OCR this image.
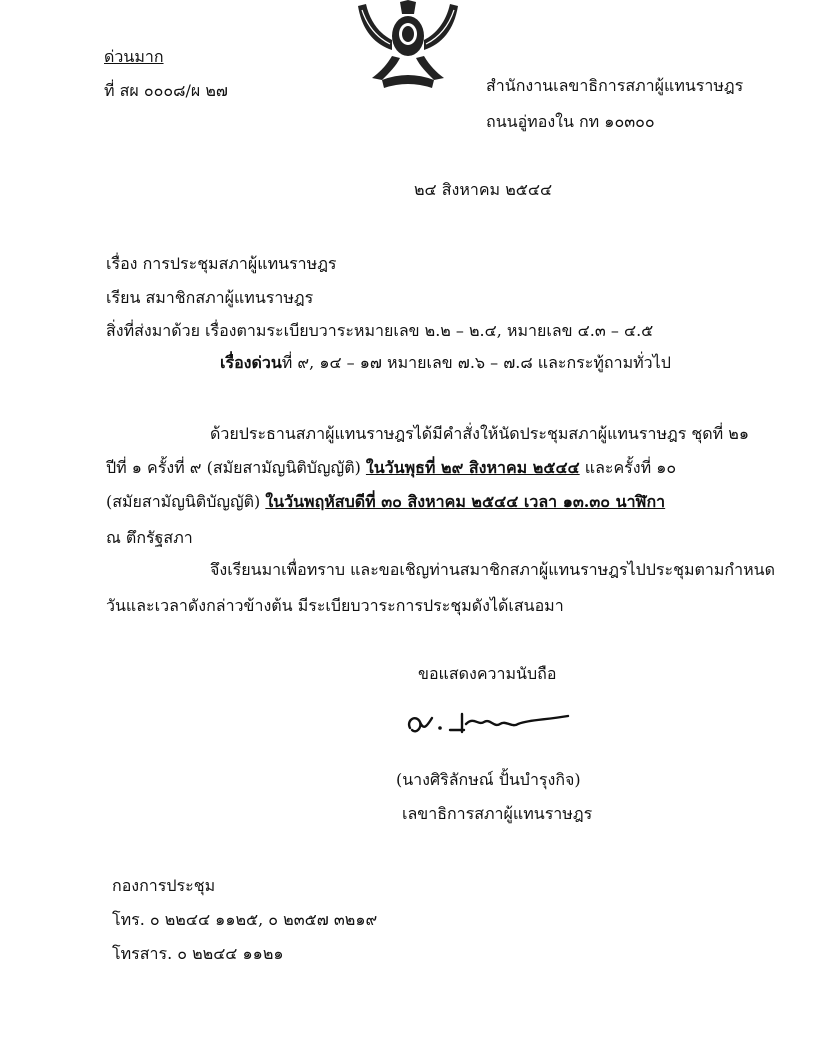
ด่วนมาก
ที่ สผ ๐๐๐๘/ผ ๒๗	สำนักงานเลขาธิการสภาผู้แทนราษฎร
ถนนอู่ทองใน กท ๑๐๓๐๐
๒๔ สิงหาคม ๒๕๔๔
เรื่อง การประชุมสภาผู้แทนราษฎร
เรียน สมาชิกสภาผู้แทนราษฎร
สิ่งที่ส่งมาด้วย เรื่องตามระเบียบวาระหมายเลข ๒.๒ – ๒.๔, หมายเลข ๔.๓ – ๔.๕
เรื่องด่วนที่ ๙, ๑๔ – ๑๗ หมายเลข ๗.๖ – ๗.๘ และกระทู้ถามทั่วไป
ด้วยประธานสภาผู้แทนราษฎรได้มีคำสั่งให้นัดประชุมสภาผู้แทนราษฎร ชุดที่ ๒๑
ปีที่ ๑ ครั้งที่ ๙ (สมัยสามัญนิติบัญญัติ) ในวันพุธที่ ๒๙ สิงหาคม ๒๕๔๔ และครั้งที่ ๑๐
(สมัยสามัญนิติบัญญัติ) ในวันพฤหัสบดีที่ ๓๐ สิงหาคม ๒๕๔๔ เวลา ๑๓.๓๐ นาฬิกา
ณ ตึกรัฐสภา
จึงเรียนมาเพื่อทราบ และขอเชิญท่านสมาชิกสภาผู้แทนราษฎรไปประชุมตามกำหนด
วันและเวลาดังกล่าวข้างต้น มีระเบียบวาระการประชุมดังได้เสนอมา
ขอแสดงความนับถือ
(นางศิริลักษณ์ ปั้นบำรุงกิจ)
เลขาธิการสภาผู้แทนราษฎร
กองการประชุม
โทร. ๐ ๒๒๔๔ ๑๑๒๕, ๐ ๒๓๕๗ ๓๒๑๙
โทรสาร. ๐ ๒๒๔๔ ๑๑๒๑
